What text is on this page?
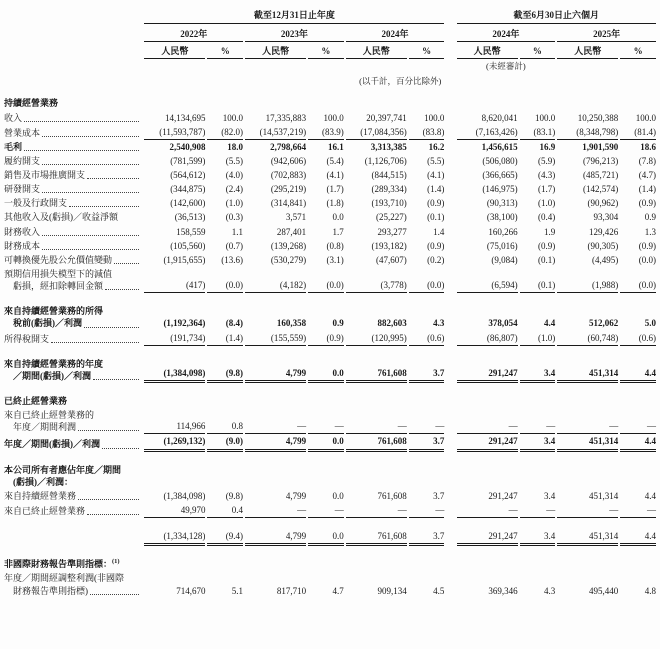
	截至12月31日止年度							截至6月30日止六個月			
	2022年		2023年		2024年			2024年		2025年	
	人民幣	%	人民幣	%	人民幣	%		人民幣	%	人民幣	%
								(未經審計)			
	(以千計，百分比除外)										

持續經營業務											

收入	14,134,695	100.0	17,335,883	100.0	20,397,741	100.0		8,620,041	100.0	10,250,388	100.0

營業成本	(11,593,787)	(82.0)	(14,537,219)	(83.9)	(17,084,356)	(83.8)		(7,163,426)	(83.1)	(8,348,798)	(81.4)

毛利	2,540,908	18.0	2,798,664	16.1	3,313,385	16.2		1,456,615	16.9	1,901,590	18.6

履約開支	(781,599)	(5.5)	(942,606)	(5.4)	(1,126,706)	(5.5)		(506,080)	(5.9)	(796,213)	(7.8)

銷售及市場推廣開支	(564,612)	(4.0)	(702,883)	(4.1)	(844,515)	(4.1)		(366,665)	(4.3)	(485,721)	(4.7)

研發開支	(344,875)	(2.4)	(295,219)	(1.7)	(289,334)	(1.4)		(146,975)	(1.7)	(142,574)	(1.4)

一般及行政開支	(142,600)	(1.0)	(314,841)	(1.8)	(193,710)	(0.9)		(90,313)	(1.0)	(90,962)	(0.9)

其他收入及(虧損)／收益淨額	(36,513)	(0.3)	3,571	0.0	(25,227)	(0.1)		(38,100)	(0.4)	93,304	0.9

財務收入	158,559	1.1	287,401	1.7	293,277	1.4		160,266	1.9	129,426	1.3

財務成本	(105,560)	(0.7)	(139,268)	(0.8)	(193,182)	(0.9)		(75,016)	(0.9)	(90,305)	(0.9)

可轉換優先股公允價值變動	(1,915,655)	(13.6)	(530,279)	(3.1)	(47,607)	(0.2)		(9,084)	(0.1)	(4,495)	(0.0)

預期信用損失模型下的減值
虧損，經扣除轉回金額	(417)	(0.0)	(4,182)	(0.0)	(3,778)	(0.0)		(6,594)	(0.1)	(1,988)	(0.0)

來自持續經營業務的所得
稅前(虧損)／利潤	(1,192,364)	(8.4)	160,358	0.9	882,603	4.3		378,054	4.4	512,062	5.0

所得稅開支	(191,734)	(1.4)	(155,559)	(0.9)	(120,995)	(0.6)		(86,807)	(1.0)	(60,748)	(0.6)

來自持續經營業務的年度
／期間(虧損)／利潤	(1,384,098)	(9.8)	4,799	0.0	761,608	3.7		291,247	3.4	451,314	4.4

已終止經營業務											

來自已終止經營業務的
年度／期間利潤	114,966	0.8	—	—	—	—		—	—	—	—

年度／期間(虧損)／利潤	(1,269,132)	(9.0)	4,799	0.0	761,608	3.7		291,247	3.4	451,314	4.4

本公司所有者應佔年度／期間
(虧損)／利潤：											

來自持續經營業務	(1,384,098)	(9.8)	4,799	0.0	761,608	3.7		291,247	3.4	451,314	4.4

來自已終止經營業務	49,970	0.4	—	—	—	—		—	—	—	—
	(1,334,128)	(9.4)	4,799	0.0	761,608	3.7		291,247	3.4	451,314	4.4

非國際財務報告準則指標：$^{(1)}$

年度／期間經調整利潤(非國際
財務報告準則指標)	714,670	5.1	817,710	4.7	909,134	4.5		369,346	4.3	495,440	4.8
